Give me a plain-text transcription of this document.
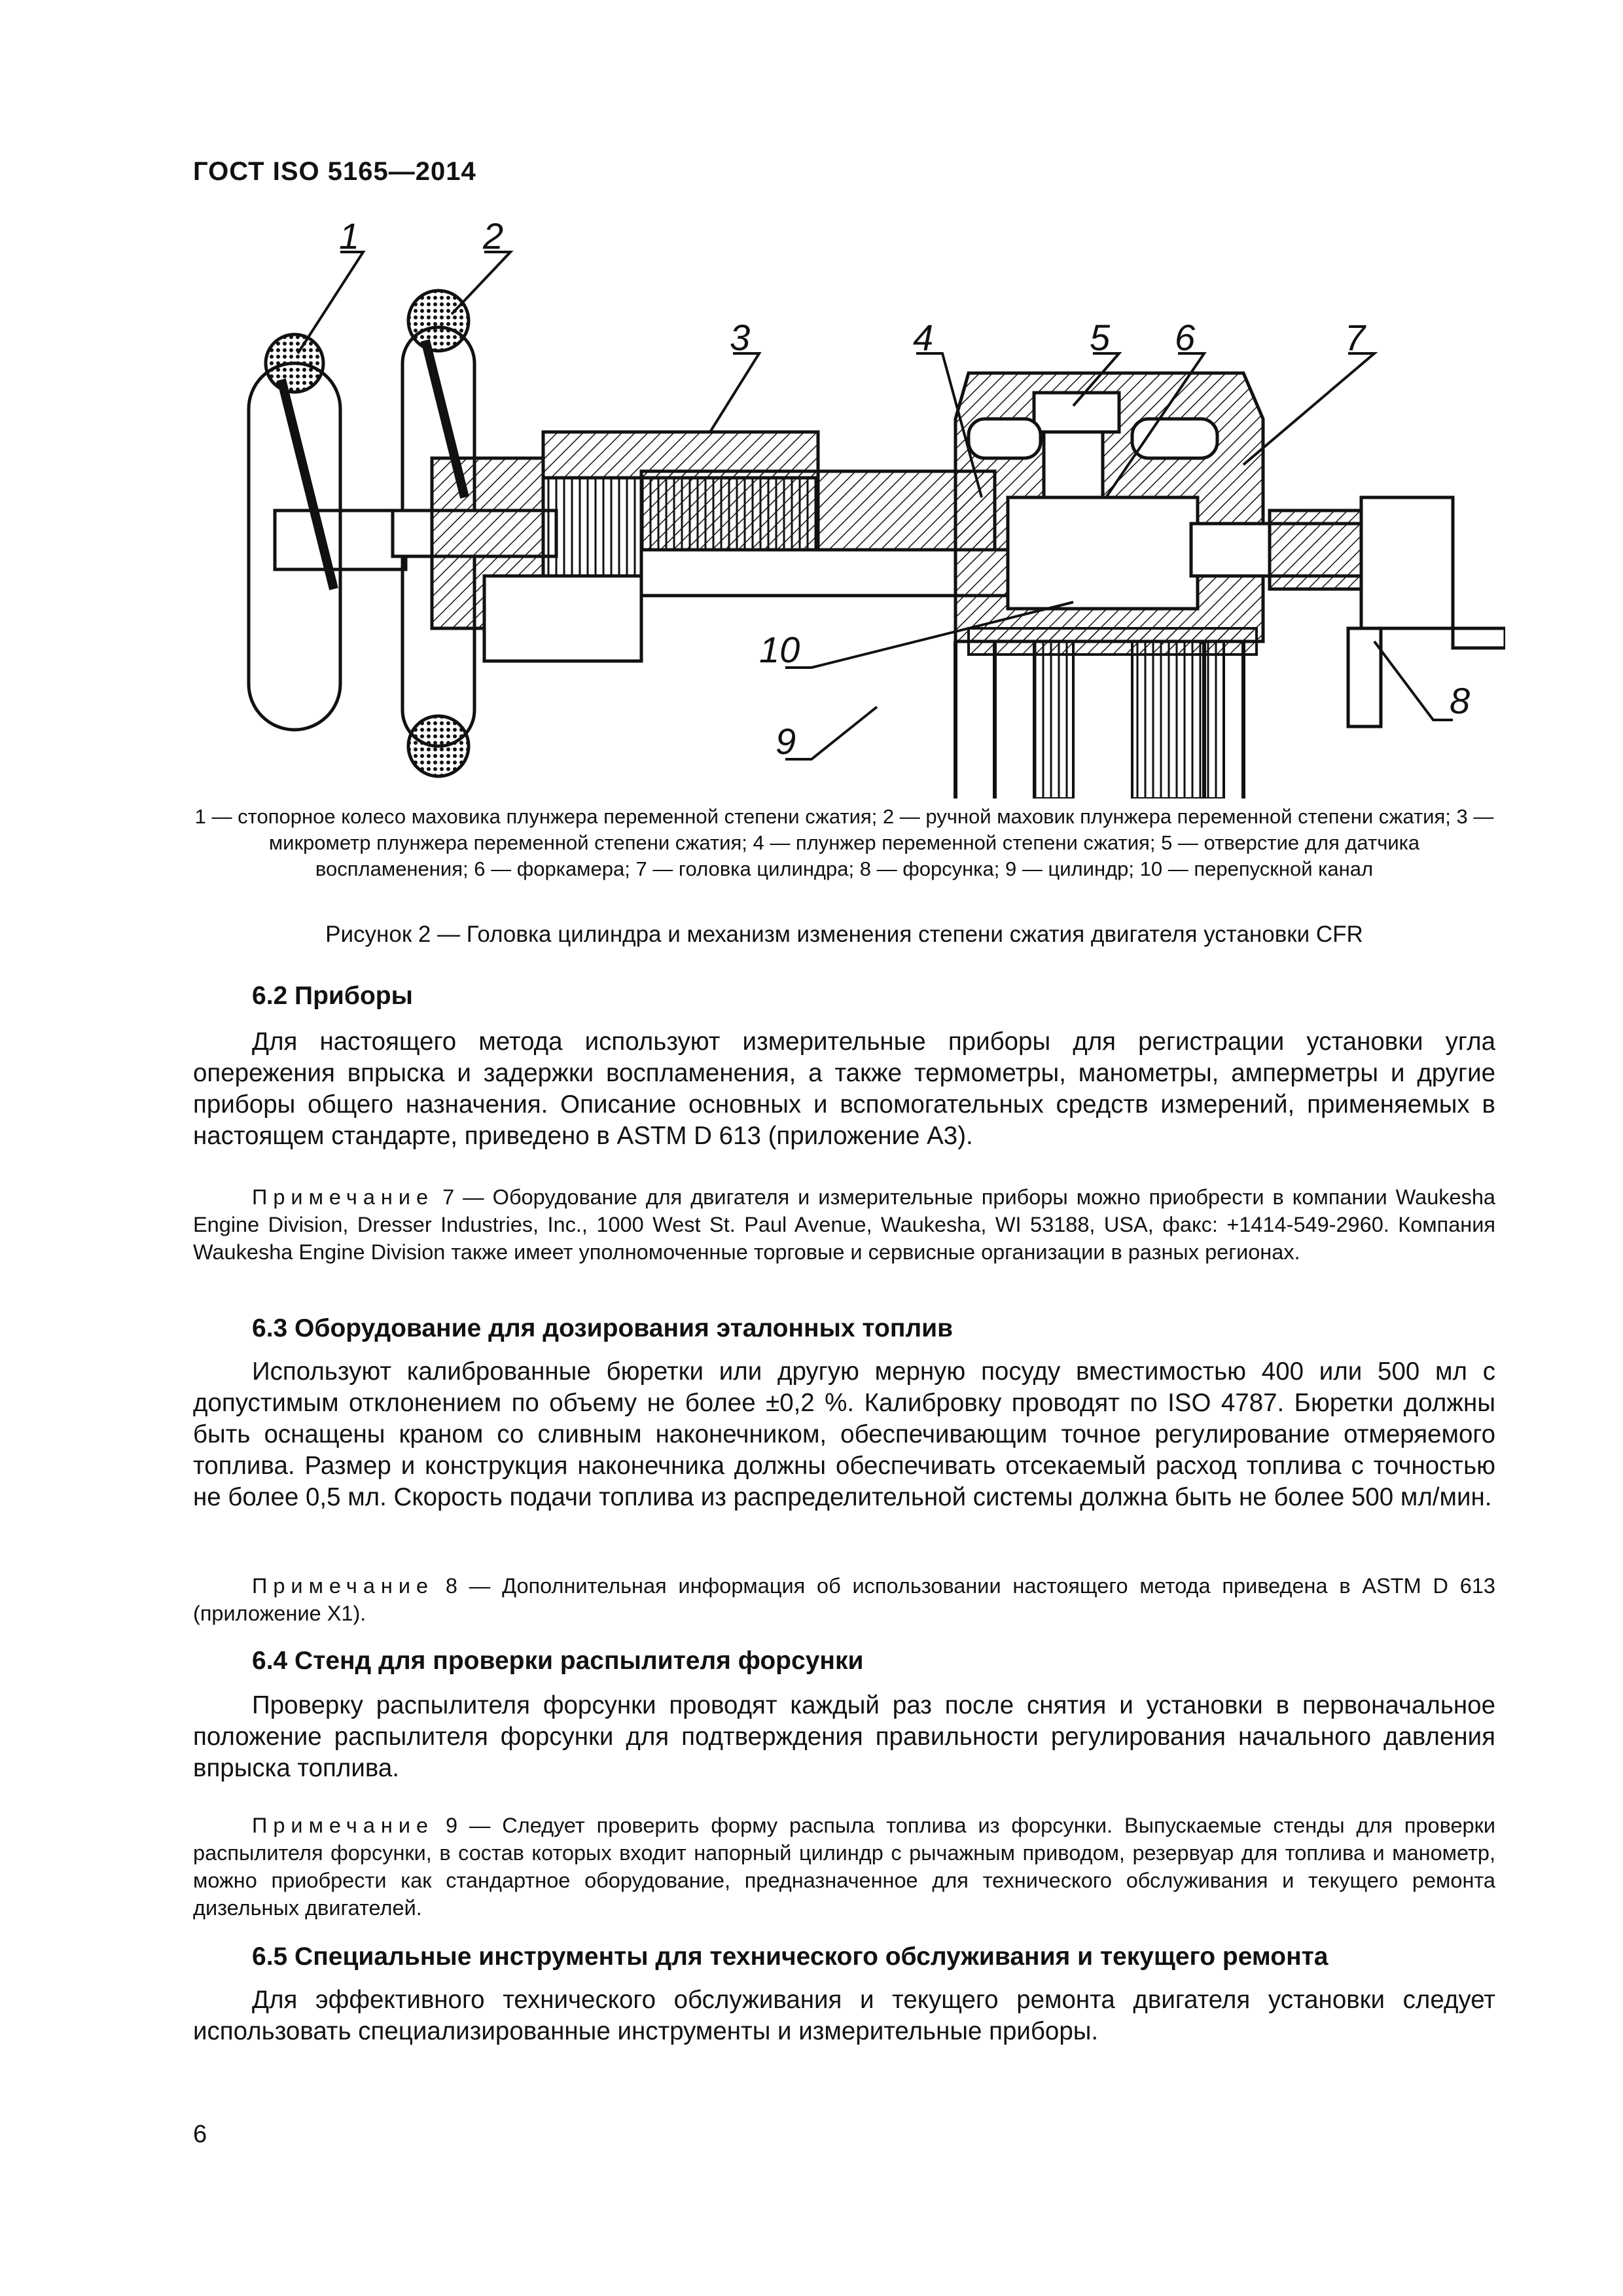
ГОСТ ISO 5165—2014
1	2
3	4	5 6	7
8
9
10
1 — стопорное колесо маховика плунжера переменной степени сжатия; 2 — ручной маховик плунжера переменной степени сжатия; 3 — микрометр плунжера переменной степени сжатия; 4 — плунжер переменной степени сжатия; 5 — отверстие для датчика воспламенения; 6 — форкамера; 7 — головка цилиндра; 8 — форсунка; 9 — цилиндр; 10 — перепускной канал
Рисунок 2 — Головка цилиндра и механизм изменения степени сжатия двигателя установки CFR
6.2 Приборы
Для настоящего метода используют измерительные приборы для регистрации установки угла опережения впрыска и задержки воспламенения, а также термометры, манометры, амперметры и другие приборы общего назначения. Описание основных и вспомогательных средств измерений, применяемых в настоящем стандарте, приведено в ASTM D 613 (приложение А3).
Примечание 7 — Оборудование для двигателя и измерительные приборы можно приобрести в компании Waukesha Engine Division, Dresser Industries, Inc., 1000 West St. Paul Avenue, Waukesha, WI 53188, USA, факс: +1414-549-2960. Компания Waukesha Engine Division также имеет уполномоченные торговые и сервисные организации в разных регионах.
6.3 Оборудование для дозирования эталонных топлив
Используют калиброванные бюретки или другую мерную посуду вместимостью 400 или 500 мл с допустимым отклонением по объему не более ±0,2 %. Калибровку проводят по ISO 4787. Бюретки должны быть оснащены краном со сливным наконечником, обеспечивающим точное регулирование отмеряемого топлива. Размер и конструкция наконечника должны обеспечивать отсекаемый расход топлива с точностью не более 0,5 мл. Скорость подачи топлива из распределительной системы должна быть не более 500 мл/мин.
Примечание 8 — Дополнительная информация об использовании настоящего метода приведена в ASTM D 613 (приложение Х1).
6.4 Стенд для проверки распылителя форсунки
Проверку распылителя форсунки проводят каждый раз после снятия и установки в первоначальное положение распылителя форсунки для подтверждения правильности регулирования начального давления впрыска топлива.
Примечание 9 — Следует проверить форму распыла топлива из форсунки. Выпускаемые стенды для проверки распылителя форсунки, в состав которых входит напорный цилиндр с рычажным приводом, резервуар для топлива и манометр, можно приобрести как стандартное оборудование, предназначенное для технического обслуживания и текущего ремонта дизельных двигателей.
6.5 Специальные инструменты для технического обслуживания и текущего ремонта
Для эффективного технического обслуживания и текущего ремонта двигателя установки следует использовать специализированные инструменты и измерительные приборы.
6
